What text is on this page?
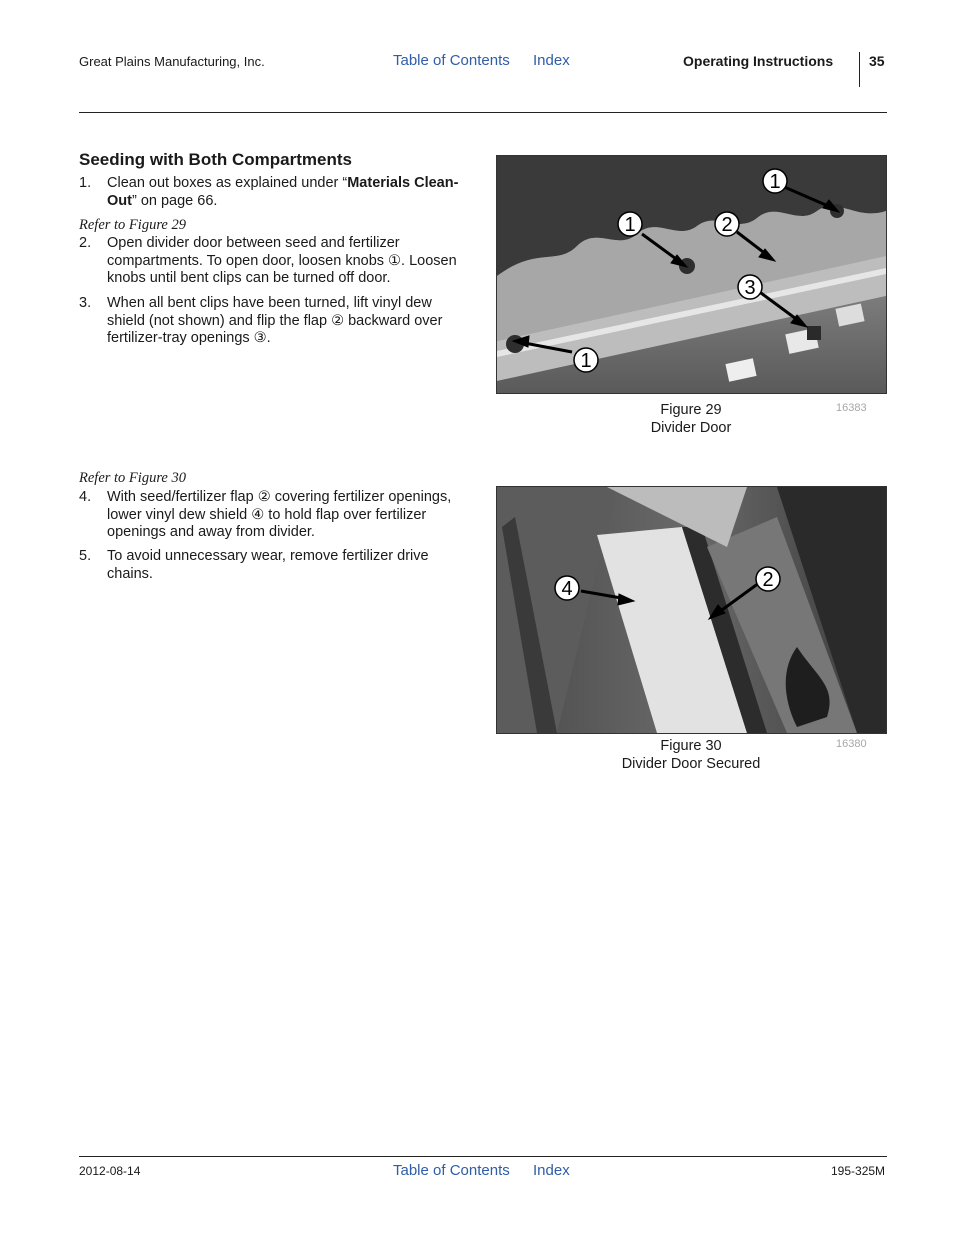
Great Plains Manufacturing, Inc.	Table of Contents Index	Operating Instructions	35
Seeding with Both Compartments
1.	Clean out boxes as explained under “Materials Clean-Out” on page 66.
Refer to Figure 29
2.	Open divider door between seed and fertilizer compartments. To open door, loosen knobs ①. Loosen knobs until bent clips can be turned off door.
3.	When all bent clips have been turned, lift vinyl dew shield (not shown) and flip the flap ② backward over fertilizer-tray openings ③.
1
1	2
3
1
Figure 29
Divider Door
16383
Refer to Figure 30
4.	With seed/fertilizer flap ② covering fertilizer openings, lower vinyl dew shield ④ to hold flap over fertilizer openings and away from divider.
5.	To avoid unnecessary wear, remove fertilizer drive chains.
4	2
Figure 30
Divider Door Secured
16380
2012-08-14	Table of Contents Index	195-325M
